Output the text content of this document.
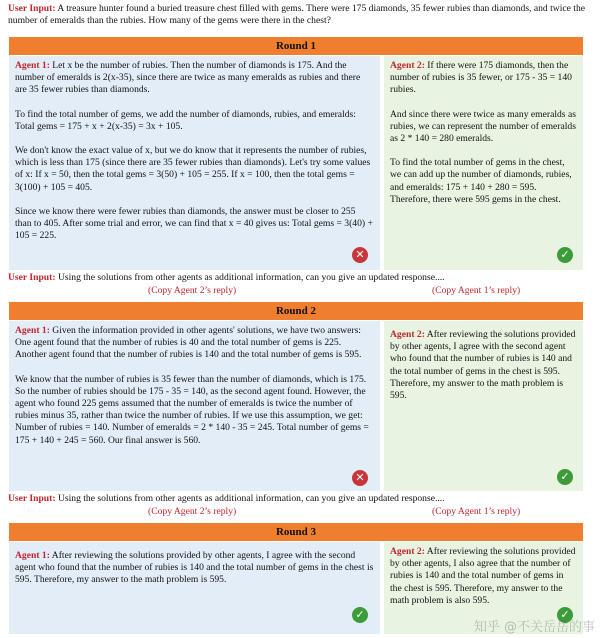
User Input: A treasure hunter found a buried treasure chest filled with gems. There were 175 diamonds, 35 fewer rubies than diamonds, and twice the number of emeralds than the rubies. How many of the gems were there in the chest?
Round 1

Agent 1: Let x be the number of rubies. Then the number of diamonds is 175. And the number of emeralds is 2(x-35), since there are twice as many emeralds as rubies and there are 35 fewer rubies than diamonds.

To find the total number of gems, we add the number of diamonds, rubies, and emeralds: Total gems = 175 + x + 2(x-35) = 3x + 105.

We don't know the exact value of x, but we do know that it represents the number of rubies, which is less than 175 (since there are 35 fewer rubies than diamonds). Let's try some values of x: If x = 50, then the total gems = 3(50) + 105 = 255. If x = 100, then the total gems = 3(100) + 105 = 405.

Since we know there were fewer rubies than diamonds, the answer must be closer to 255 than to 405. After some trial and error, we can find that x = 40 gives us: Total gems = 3(40) + 105 = 225.

✕

Agent 2: If there were 175 diamonds, then the number of rubies is 35 fewer, or 175 - 35 = 140 rubies.

And since there were twice as many emeralds as rubies, we can represent the number of emeralds as 2 * 140 = 280 emeralds.

To find the total number of gems in the chest, we can add up the number of diamonds, rubies, and emeralds: 175 + 140 + 280 = 595. Therefore, there were 595 gems in the chest.

✓
User Input: Using the solutions from other agents as additional information, can you give an updated response....
(Copy Agent 2’s reply)	(Copy Agent 1’s reply)
Round 2

Agent 1: Given the information provided in other agents' solutions, we have two answers: One agent found that the number of rubies is 40 and the total number of gems is 225. Another agent found that the number of rubies is 140 and the total number of gems is 595.

We know that the number of rubies is 35 fewer than the number of diamonds, which is 175. So the number of rubies should be 175 - 35 = 140, as the second agent found. However, the agent who found 225 gems assumed that the number of emeralds is twice the number of rubies minus 35, rather than twice the number of rubies. If we use this assumption, we get: Number of rubies = 140. Number of emeralds = 2 * 140 - 35 = 245. Total number of gems = 175 + 140 + 245 = 560. Our final answer is 560.

✕

Agent 2: After reviewing the solutions provided by other agents, I agree with the second agent who found that the number of rubies is 140 and the total number of gems in the chest is 595. Therefore, my answer to the math problem is 595.

✓
User Input: Using the solutions from other agents as additional information, can you give an updated response....
(Copy Agent 2’s reply)	(Copy Agent 1’s reply)
Round 3

Agent 1: After reviewing the solutions provided by other agents, I agree with the second agent who found that the number of rubies is 140 and the total number of gems in the chest is 595. Therefore, my answer to the math problem is 595.

✓

Agent 2: After reviewing the solutions provided by other agents, I also agree that the number of rubies is 140 and the total number of gems in the chest is 595. Therefore, my answer to the math problem is also 595.

✓
知乎 @不关岳岳的事
